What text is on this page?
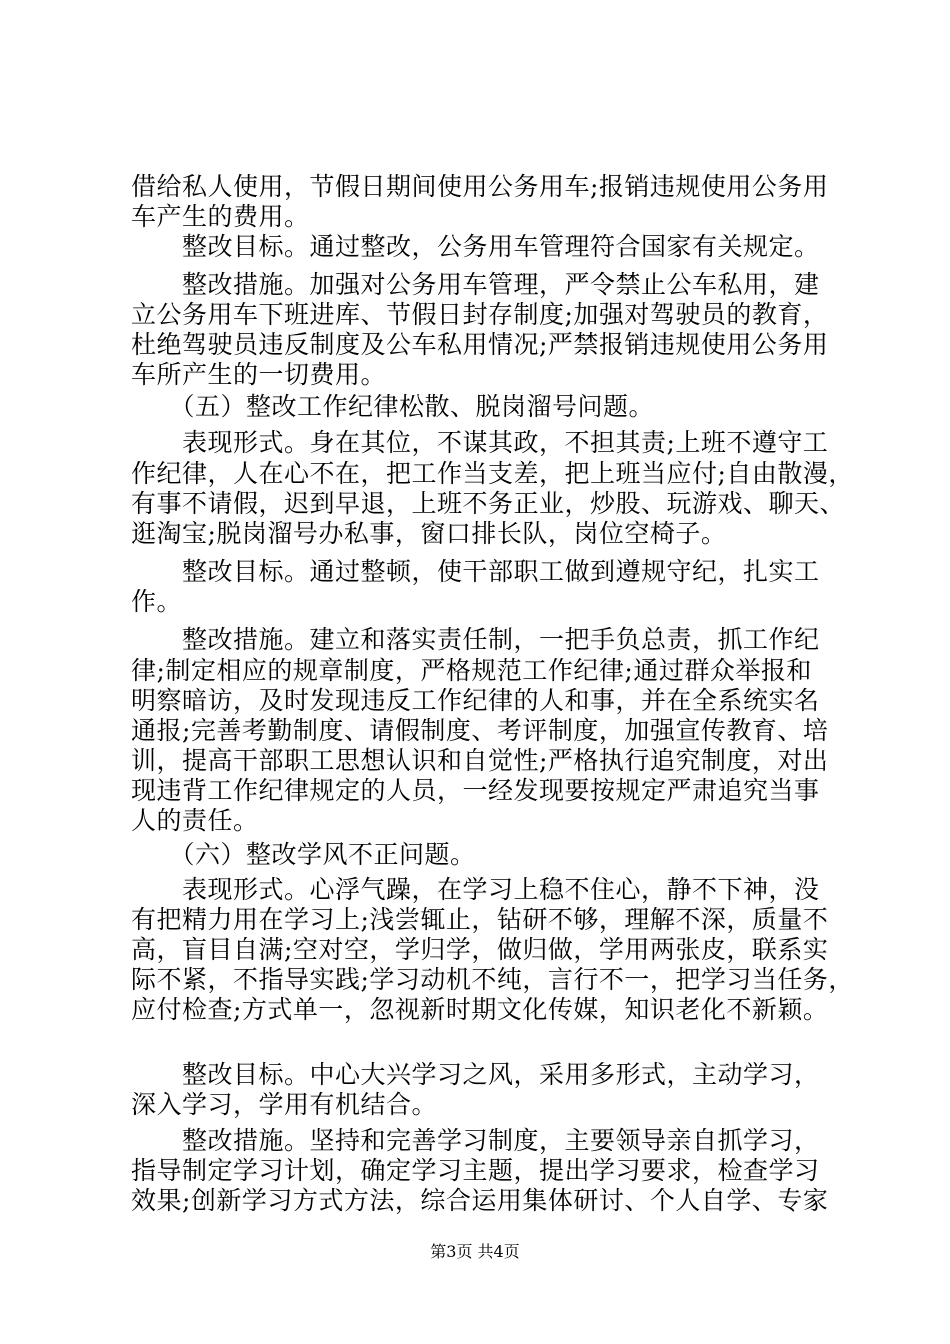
借给私人使用，节假日期间使用公务用车;报销违规使用公务用
车产生的费用。
　　整改目标。通过整改，公务用车管理符合国家有关规定。
　　整改措施。加强对公务用车管理，严令禁止公车私用，建
立公务用车下班进库、节假日封存制度;加强对驾驶员的教育，
杜绝驾驶员违反制度及公车私用情况;严禁报销违规使用公务用
车所产生的一切费用。
　　（五）整改工作纪律松散、脱岗溜号问题。
　　表现形式。身在其位，不谋其政，不担其责;上班不遵守工
作纪律，人在心不在，把工作当支差，把上班当应付;自由散漫，
有事不请假，迟到早退，上班不务正业，炒股、玩游戏、聊天、
逛淘宝;脱岗溜号办私事，窗口排长队，岗位空椅子。
　　整改目标。通过整顿，使干部职工做到遵规守纪，扎实工
作。
　　整改措施。建立和落实责任制，一把手负总责，抓工作纪
律;制定相应的规章制度，严格规范工作纪律;通过群众举报和
明察暗访，及时发现违反工作纪律的人和事，并在全系统实名
通报;完善考勤制度、请假制度、考评制度，加强宣传教育、培
训，提高干部职工思想认识和自觉性;严格执行追究制度，对出
现违背工作纪律规定的人员，一经发现要按规定严肃追究当事
人的责任。
　　（六）整改学风不正问题。
　　表现形式。心浮气躁，在学习上稳不住心，静不下神，没
有把精力用在学习上;浅尝辄止，钻研不够，理解不深，质量不
高，盲目自满;空对空，学归学，做归做，学用两张皮，联系实
际不紧，不指导实践;学习动机不纯，言行不一，把学习当任务，
应付检查;方式单一，忽视新时期文化传媒，知识老化不新颖。
　　整改目标。中心大兴学习之风，采用多形式，主动学习，
深入学习，学用有机结合。
　　整改措施。坚持和完善学习制度，主要领导亲自抓学习，
指导制定学习计划，确定学习主题，提出学习要求，检查学习
效果;创新学习方式方法，综合运用集体研讨、个人自学、专家
第3页 共4页
